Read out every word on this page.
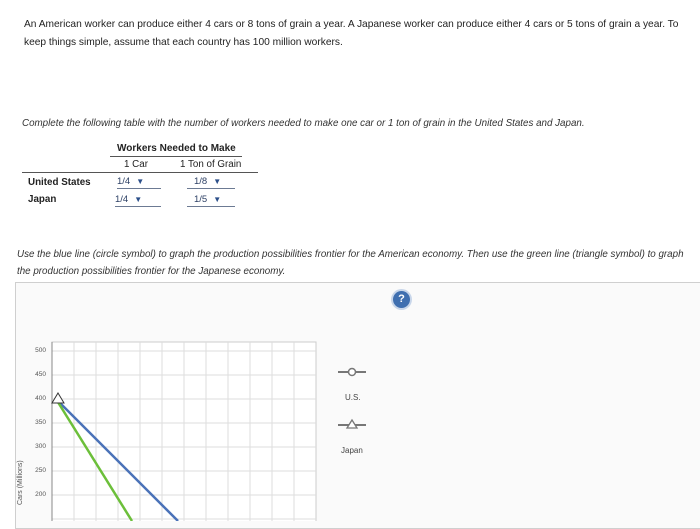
An American worker can produce either 4 cars or 8 tons of grain a year. A Japanese worker can produce either 4 cars or 5 tons of grain a year. To keep things simple, assume that each country has 100 million workers.
Complete the following table with the number of workers needed to make one car or 1 ton of grain in the United States and Japan.
Workers Needed to Make
1 Car	1 Ton of Grain
United States	1/4 ▼	1/8 ▼
Japan	1/4 ▼	1/5 ▼
Use the blue line (circle symbol) to graph the production possibilities frontier for the American economy. Then use the green line (triangle symbol) to graph the production possibilities frontier for the Japanese economy.
?
U.S.
Japan
500
450
400
350
300
250
200
Cars (Millions)
